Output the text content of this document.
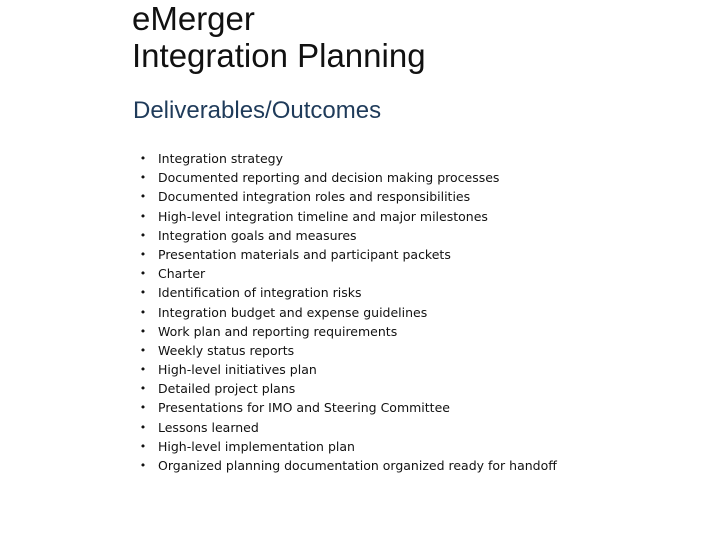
eMerger
Integration Planning
Deliverables/Outcomes
• Integration strategy
• Documented reporting and decision making processes
• Documented integration roles and responsibilities
• High-level integration timeline and major milestones
• Integration goals and measures
• Presentation materials and participant packets
• Charter
• Identification of integration risks
• Integration budget and expense guidelines
• Work plan and reporting requirements
• Weekly status reports
• High-level initiatives plan
• Detailed project plans
• Presentations for IMO and Steering Committee
• Lessons learned
• High-level implementation plan
• Organized planning documentation organized ready for handoff
